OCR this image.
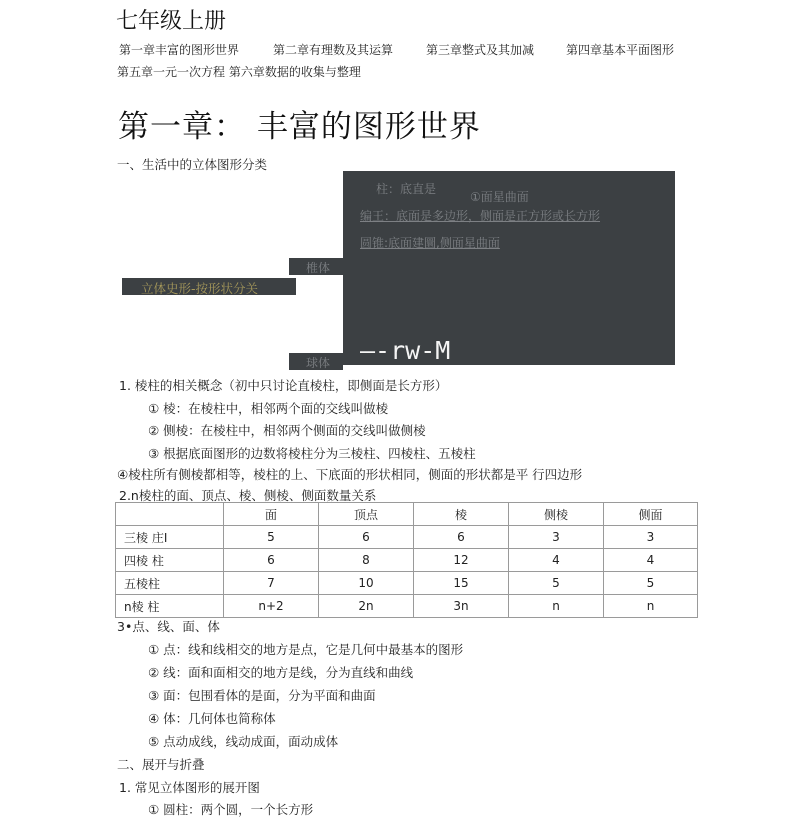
七年级上册
第一章丰富的图形世界	第二章有理数及其运算	第三章整式及其加减	第四章基本平面图形
第五章一元一次方程 第六章数据的收集与整理
第一章： 丰富的图形世界
一、生活中的立体图形分类
立体史形-按形状分关
椎体
球体
柱：底直是
①面星曲面
编王：底面是多边形，侧面是正方形或长方形
圆锥:底面建圜,侧面星曲面
—-rw-M
1. 棱柱的相关概念（初中只讨论直棱柱，即侧面是长方形）
① 棱：在棱柱中，相邻两个面的交线叫做棱
② 侧棱：在棱柱中，相邻两个侧面的交线叫做侧棱
③ 根据底面图形的边数将棱柱分为三棱柱、四棱柱、五棱柱
④棱柱所有侧棱都相等，棱柱的上、下底面的形状相同，侧面的形状都是平 行四边形
2.n棱柱的面、顶点、棱、侧棱、侧面数量关系
	面	顶点	棱	侧棱	侧面
三棱 庄I	5	6	6	3	3
四棱 柱	6	8	12	4	4
五棱柱	7	10	15	5	5
n棱 柱	n+2	2n	3n	n	n
3•点、线、面、体
① 点：线和线相交的地方是点，它是几何中最基本的图形
② 线：面和面相交的地方是线，分为直线和曲线
③ 面：包围看体的是面，分为平面和曲面
④ 体：几何体也简称体
⑤ 点动成线，线动成面，面动成体
二、展开与折叠
1. 常见立体图形的展开图
① 圆柱：两个圆，一个长方形
